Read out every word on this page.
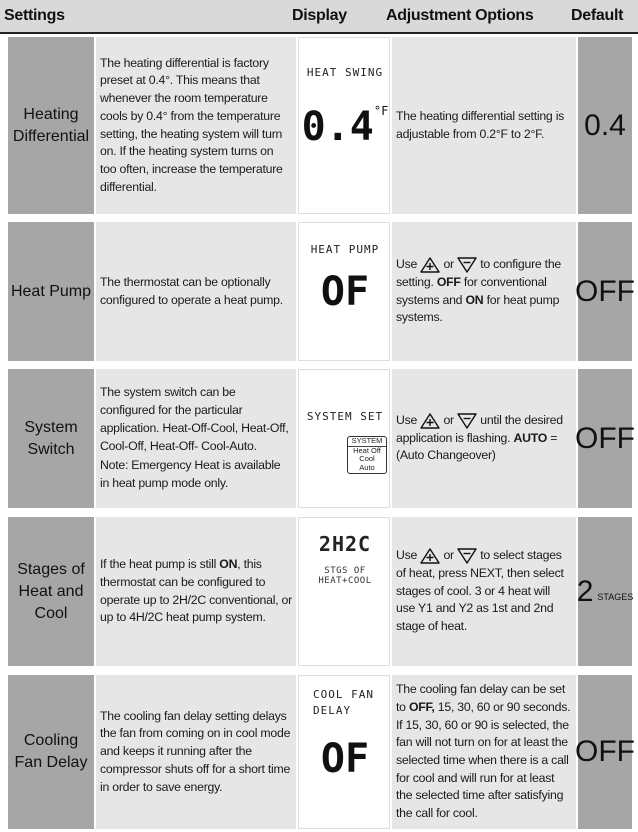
Settings	Display Adjustment Options Default
Heating Differential

The heating differential is factory preset at 0.4°. This means that whenever the room temperature cools by 0.4° from the temperature setting, the heating system will turn on. If the heating system turns on too often, increase the temperature differential.

HEAT SWING
$0.4^{^\circ F}$ The heating differential setting is adjustable from 0.2°F to 2°F.	0.4
Heat Pump

The thermostat can be optionally configured to operate a heat pump.

HEAT PUMP
OF

Use or to configure the setting. OFF for conventional systems and ON for heat pump systems.

OFF
System Switch

The system switch can be configured for the particular application. Heat-Off-Cool, Heat-Off, Cool-Off, Heat-Off- Cool-Auto.

Note: Emergency Heat is available in heat pump mode only.

SYSTEM SET
SYSTEM
Heat Off
Cool
Auto

Use or until the desired application is flashing. AUTO = (Auto Changeover)

OFF
Stages of Heat and Cool

If the heat pump is still ON, this thermostat can be configured to operate up to 2H/2C conventional, or up to 4H/2C heat pump system.

2H2C
STGS OF
HEAT+COOL

Use or to select stages of heat, press NEXT, then select stages of cool. 3 or 4 heat will use Y1 and Y2 as 1st and 2nd stage of heat.

2 STAGES
Cooling Fan Delay

The cooling fan delay setting delays the fan from coming on in cool mode and keeps it running after the compressor shuts off for a short time in order to save energy.

COOL FAN
DELAY
OF

The cooling fan delay can be set to OFF, 15, 30, 60 or 90 seconds. If 15, 30, 60 or 90 is selected, the fan will not turn on for at least the selected time when there is a call for cool and will run for at least the selected time after satisfying the call for cool.

OFF
